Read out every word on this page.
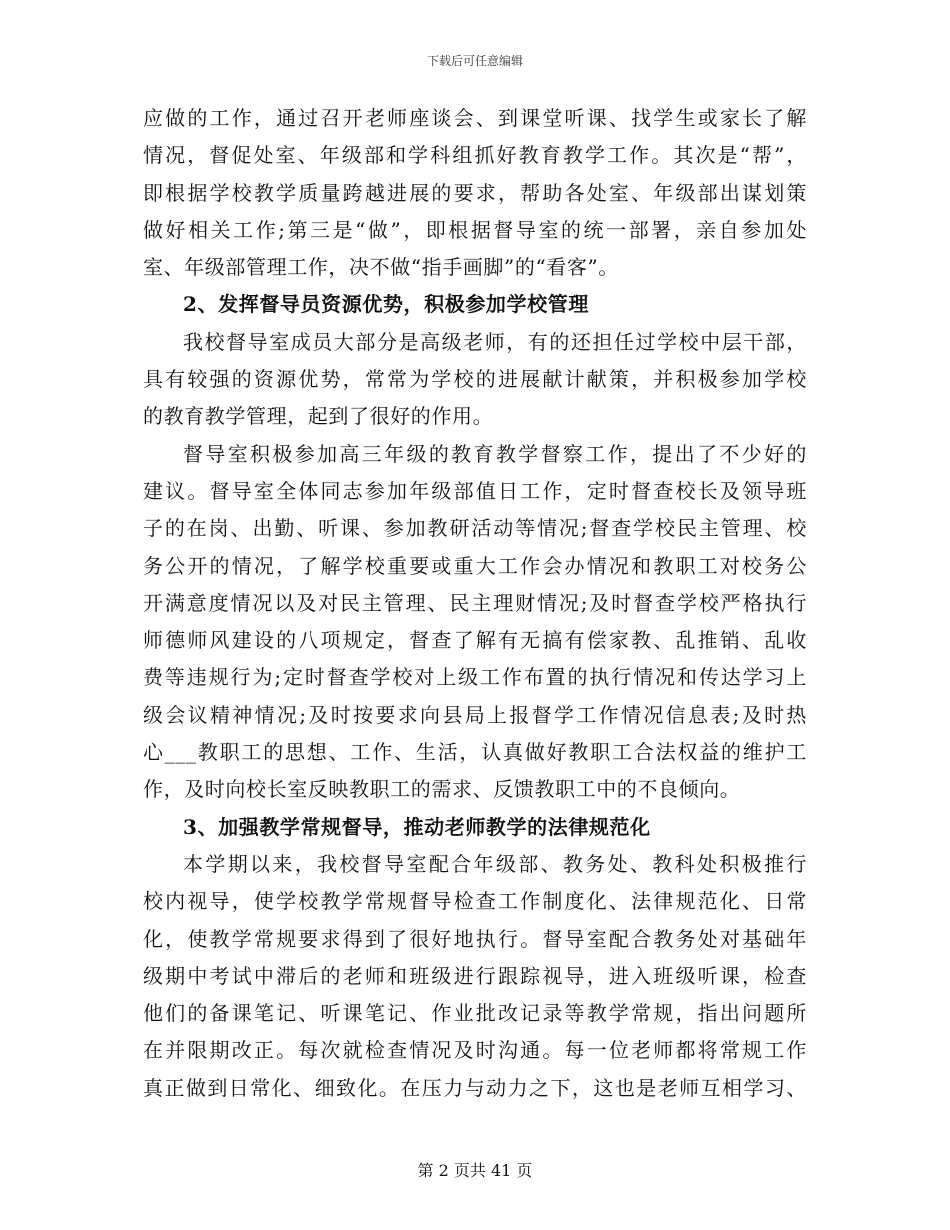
下载后可任意编辑
应做的工作，通过召开老师座谈会、到课堂听课、找学生或家长了解
情况，督促处室、年级部和学科组抓好教育教学工作。其次是“帮”，
即根据学校教学质量跨越进展的要求，帮助各处室、年级部出谋划策
做好相关工作;第三是“做”，即根据督导室的统一部署，亲自参加处
室、年级部管理工作，决不做“指手画脚”的“看客”。
2、发挥督导员资源优势，积极参加学校管理
我校督导室成员大部分是高级老师，有的还担任过学校中层干部，
具有较强的资源优势，常常为学校的进展献计献策，并积极参加学校
的教育教学管理，起到了很好的作用。
督导室积极参加高三年级的教育教学督察工作，提出了不少好的
建议。督导室全体同志参加年级部值日工作，定时督查校长及领导班
子的在岗、出勤、听课、参加教研活动等情况;督查学校民主管理、校
务公开的情况，了解学校重要或重大工作会办情况和教职工对校务公
开满意度情况以及对民主管理、民主理财情况;及时督查学校严格执行
师德师风建设的八项规定，督查了解有无搞有偿家教、乱推销、乱收
费等违规行为;定时督查学校对上级工作布置的执行情况和传达学习上
级会议精神情况;及时按要求向县局上报督学工作情况信息表;及时热
心___教职工的思想、工作、生活，认真做好教职工合法权益的维护工
作，及时向校长室反映教职工的需求、反馈教职工中的不良倾向。
3、加强教学常规督导，推动老师教学的法律规范化
本学期以来，我校督导室配合年级部、教务处、教科处积极推行
校内视导，使学校教学常规督导检查工作制度化、法律规范化、日常
化，使教学常规要求得到了很好地执行。督导室配合教务处对基础年
级期中考试中滞后的老师和班级进行跟踪视导，进入班级听课，检查
他们的备课笔记、听课笔记、作业批改记录等教学常规，指出问题所
在并限期改正。每次就检查情况及时沟通。每一位老师都将常规工作
真正做到日常化、细致化。在压力与动力之下，这也是老师互相学习、
第 2 页共 41 页
